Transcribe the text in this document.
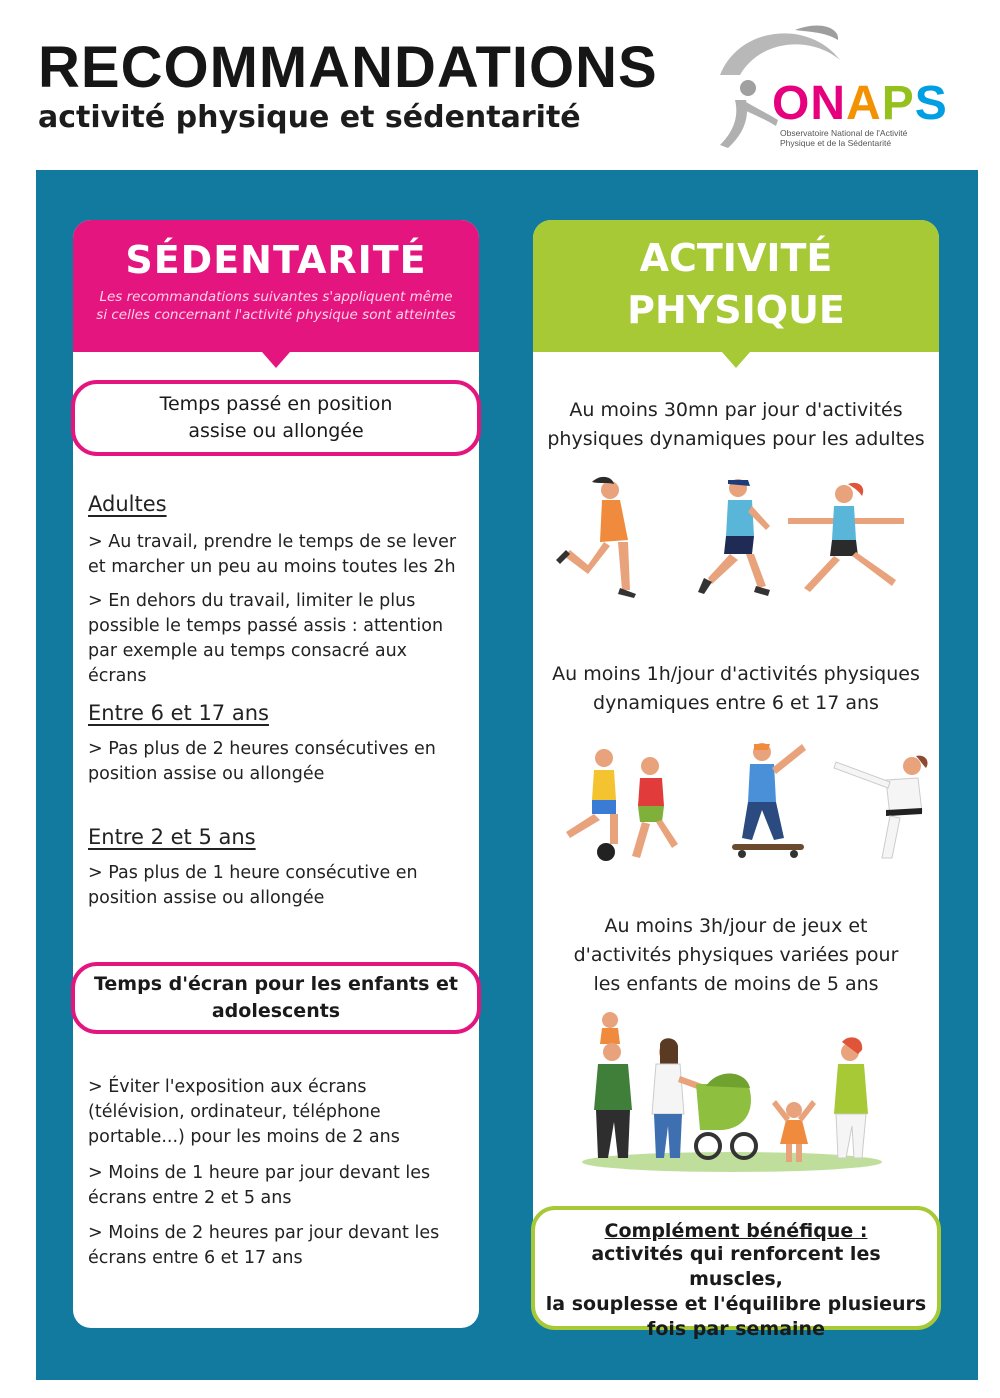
RECOMMANDATIONS
activité physique et sédentarité	ONAPS
Observatoire National de l'Activité
Physique et de la Sédentarité
SÉDENTARITÉ
Les recommandations suivantes s'appliquent même
si celles concernant l'activité physique sont atteintes
Temps passé en position
assise ou allongée
Adultes
> Au travail, prendre le temps de se lever et marcher un peu au moins toutes les 2h
> En dehors du travail, limiter le plus possible le temps passé assis : attention par exemple au temps consacré aux écrans
Entre 6 et 17 ans
> Pas plus de 2 heures consécutives en position assise ou allongée
Entre 2 et 5 ans
> Pas plus de 1 heure consécutive en position assise ou allongée
Temps d'écran pour les enfants et
adolescents
> Éviter l'exposition aux écrans (télévision, ordinateur, téléphone portable...) pour les moins de 2 ans
> Moins de 1 heure par jour devant les écrans entre 2 et 5 ans
> Moins de 2 heures par jour devant les écrans entre 6 et 17 ans
ACTIVITÉ
PHYSIQUE
Au moins 30mn par jour d'activités
physiques dynamiques pour les adultes
Au moins 1h/jour d'activités physiques
dynamiques entre 6 et 17 ans
Au moins 3h/jour de jeux et
d'activités physiques variées pour
les enfants de moins de 5 ans
Complément bénéfique :
activités qui renforcent les muscles,
la souplesse et l'équilibre plusieurs
fois par semaine
